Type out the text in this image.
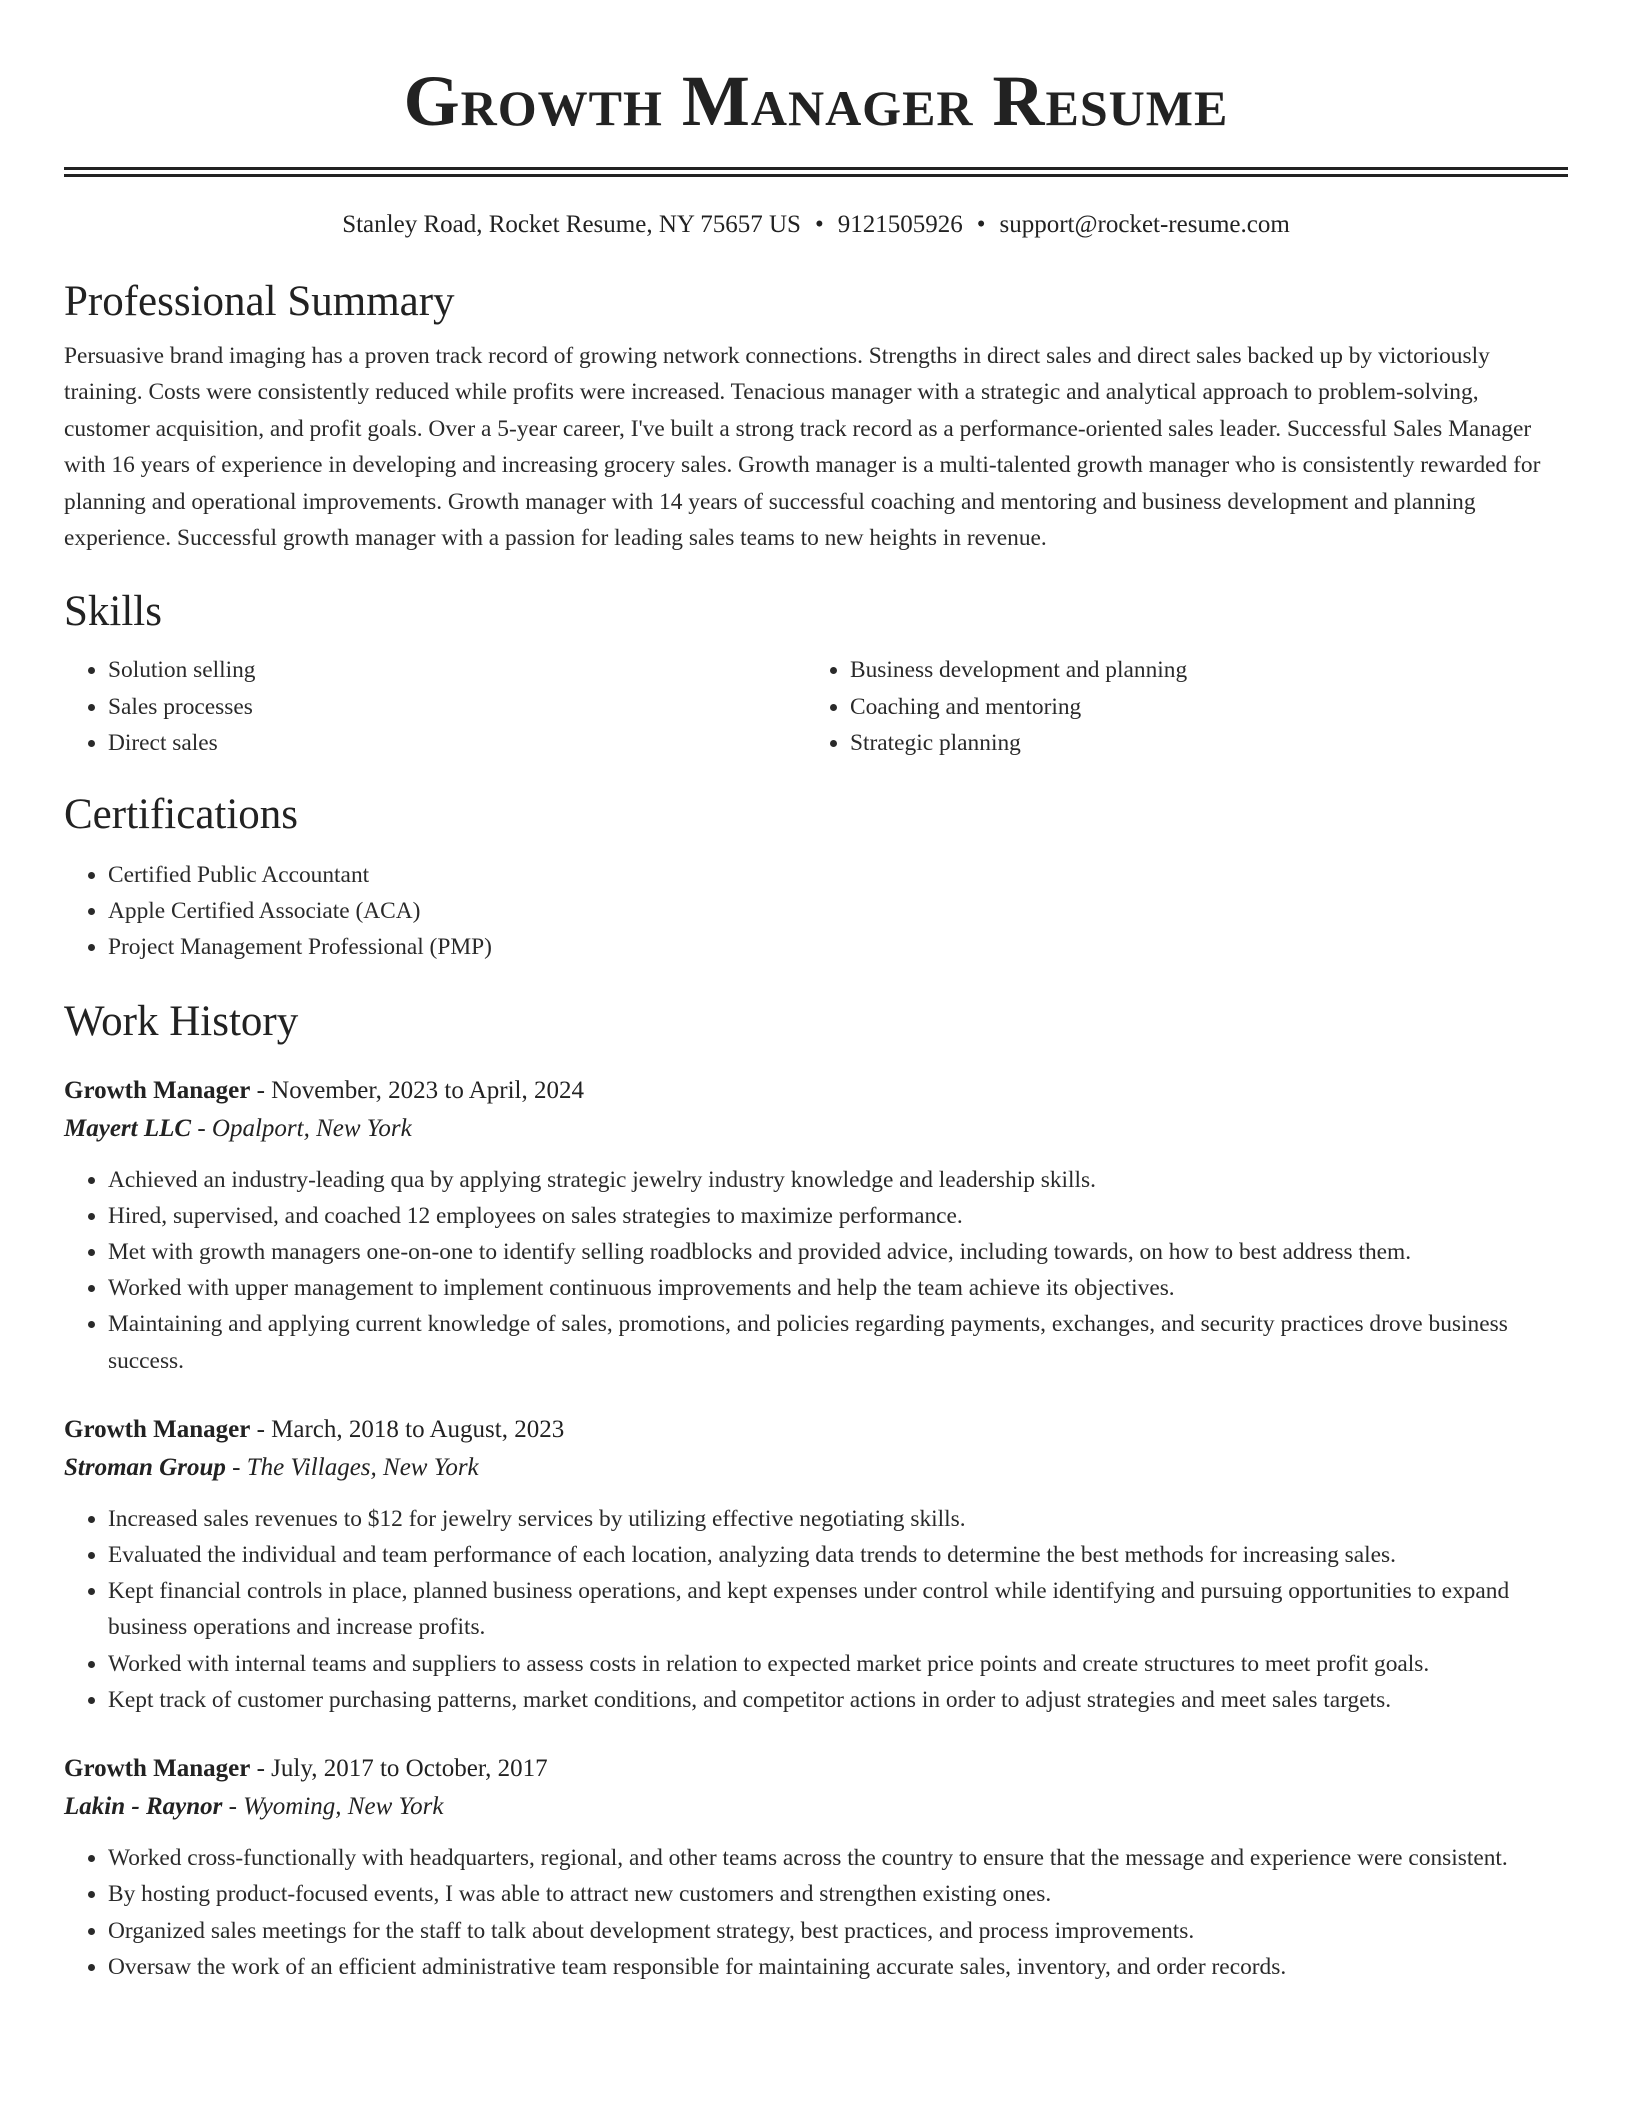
Growth Manager Resume
Stanley Road, Rocket Resume, NY 75657 US • 9121505926 • support@rocket-resume.com
Professional Summary

Persuasive brand imaging has a proven track record of growing network connections. Strengths in direct sales and direct sales backed up by victoriously training. Costs were consistently reduced while profits were increased. Tenacious manager with a strategic and analytical approach to problem-solving, customer acquisition, and profit goals. Over a 5-year career, I've built a strong track record as a performance-oriented sales leader. Successful Sales Manager with 16 years of experience in developing and increasing grocery sales. Growth manager is a multi-talented growth manager who is consistently rewarded for planning and operational improvements. Growth manager with 14 years of successful coaching and mentoring and business development and planning experience. Successful growth manager with a passion for leading sales teams to new heights in revenue.

Skills
• Solution selling
• Sales processes
• Direct sales
• Business development and planning
• Coaching and mentoring
• Strategic planning
Certifications
• Certified Public Accountant
• Apple Certified Associate (ACA)
• Project Management Professional (PMP)
Work History
Growth Manager - November, 2023 to April, 2024
Mayert LLC - Opalport, New York
• Achieved an industry-leading qua by applying strategic jewelry industry knowledge and leadership skills.
• Hired, supervised, and coached 12 employees on sales strategies to maximize performance.
• Met with growth managers one-on-one to identify selling roadblocks and provided advice, including towards, on how to best address them.
• Worked with upper management to implement continuous improvements and help the team achieve its objectives.
• Maintaining and applying current knowledge of sales, promotions, and policies regarding payments, exchanges, and security practices drove business success.
Growth Manager - March, 2018 to August, 2023
Stroman Group - The Villages, New York
• Increased sales revenues to $12 for jewelry services by utilizing effective negotiating skills.
• Evaluated the individual and team performance of each location, analyzing data trends to determine the best methods for increasing sales.
• Kept financial controls in place, planned business operations, and kept expenses under control while identifying and pursuing opportunities to expand business operations and increase profits.
• Worked with internal teams and suppliers to assess costs in relation to expected market price points and create structures to meet profit goals.
• Kept track of customer purchasing patterns, market conditions, and competitor actions in order to adjust strategies and meet sales targets.
Growth Manager - July, 2017 to October, 2017
Lakin - Raynor - Wyoming, New York
• Worked cross-functionally with headquarters, regional, and other teams across the country to ensure that the message and experience were consistent.
• By hosting product-focused events, I was able to attract new customers and strengthen existing ones.
• Organized sales meetings for the staff to talk about development strategy, best practices, and process improvements.
• Oversaw the work of an efficient administrative team responsible for maintaining accurate sales, inventory, and order records.
